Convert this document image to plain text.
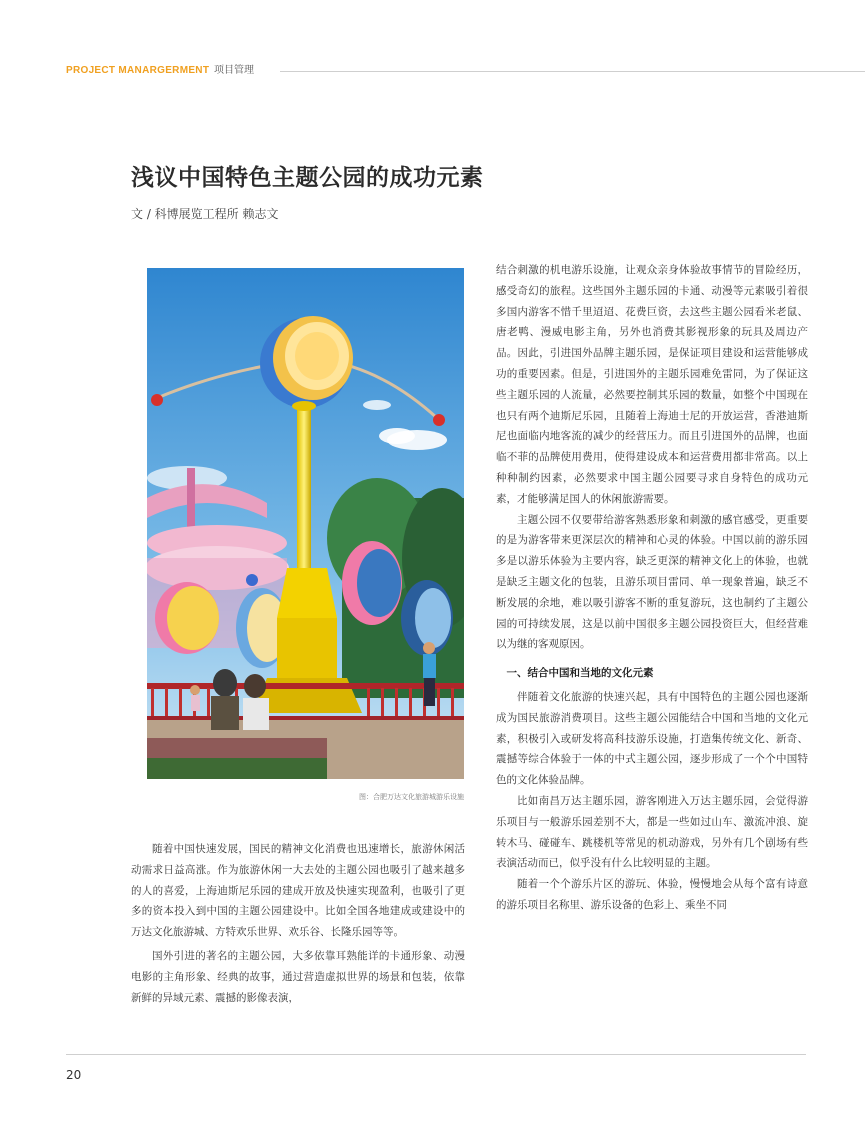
PROJECT MANARGERMENT 项目管理
浅议中国特色主题公园的成功元素
文 / 科博展览工程所 赖志文
图：合肥万达文化旅游城游乐设施

随着中国快速发展，国民的精神文化消费也迅速增长，旅游休闲活动需求日益高涨。作为旅游休闲一大去处的主题公园也吸引了越来越多的人的喜爱，上海迪斯尼乐园的建成开放及快速实现盈利，也吸引了更多的资本投入到中国的主题公园建设中。比如全国各地建成或建设中的万达文化旅游城、方特欢乐世界、欢乐谷、长隆乐园等等。

国外引进的著名的主题公园，大多依靠耳熟能详的卡通形象、动漫电影的主角形象、经典的故事，通过营造虚拟世界的场景和包装，依靠新鲜的异域元素、震撼的影像表演，

结合刺激的机电游乐设施，让观众亲身体验故事情节的冒险经历，感受奇幻的旅程。这些国外主题乐园的卡通、动漫等元素吸引着很多国内游客不惜千里迢迢、花费巨资，去这些主题公园看米老鼠、唐老鸭、漫威电影主角，另外也消费其影视形象的玩具及周边产品。因此，引进国外品牌主题乐园，是保证项目建设和运营能够成功的重要因素。但是，引进国外的主题乐园难免雷同，为了保证这些主题乐园的人流量，必然要控制其乐园的数量，如整个中国现在也只有两个迪斯尼乐园，且随着上海迪士尼的开放运营，香港迪斯尼也面临内地客流的减少的经营压力。而且引进国外的品牌，也面临不菲的品牌使用费用，使得建设成本和运营费用都非常高。以上种种制约因素，必然要求中国主题公园要寻求自身特色的成功元素，才能够满足国人的休闲旅游需要。

主题公园不仅要带给游客熟悉形象和刺激的感官感受，更重要的是为游客带来更深层次的精神和心灵的体验。中国以前的游乐园多是以游乐体验为主要内容，缺乏更深的精神文化上的体验，也就是缺乏主题文化的包装，且游乐项目雷同、单一现象普遍，缺乏不断发展的余地，难以吸引游客不断的重复游玩，这也制约了主题公园的可持续发展，这是以前中国很多主题公园投资巨大，但经营难以为继的客观原因。

一、结合中国和当地的文化元素

伴随着文化旅游的快速兴起，具有中国特色的主题公园也逐渐成为国民旅游消费项目。这些主题公园能结合中国和当地的文化元素，积极引入或研发将高科技游乐设施，打造集传统文化、新奇、震撼等综合体验于一体的中式主题公园，逐步形成了一个个中国特色的文化体验品牌。

比如南昌万达主题乐园，游客刚进入万达主题乐园，会觉得游乐项目与一般游乐园差别不大，都是一些如过山车、激流冲浪、旋转木马、碰碰车、跳楼机等常见的机动游戏，另外有几个剧场有些表演活动而已，似乎没有什么比较明显的主题。

随着一个个游乐片区的游玩、体验，慢慢地会从每个富有诗意的游乐项目名称里、游乐设备的色彩上、乘坐不同

20
